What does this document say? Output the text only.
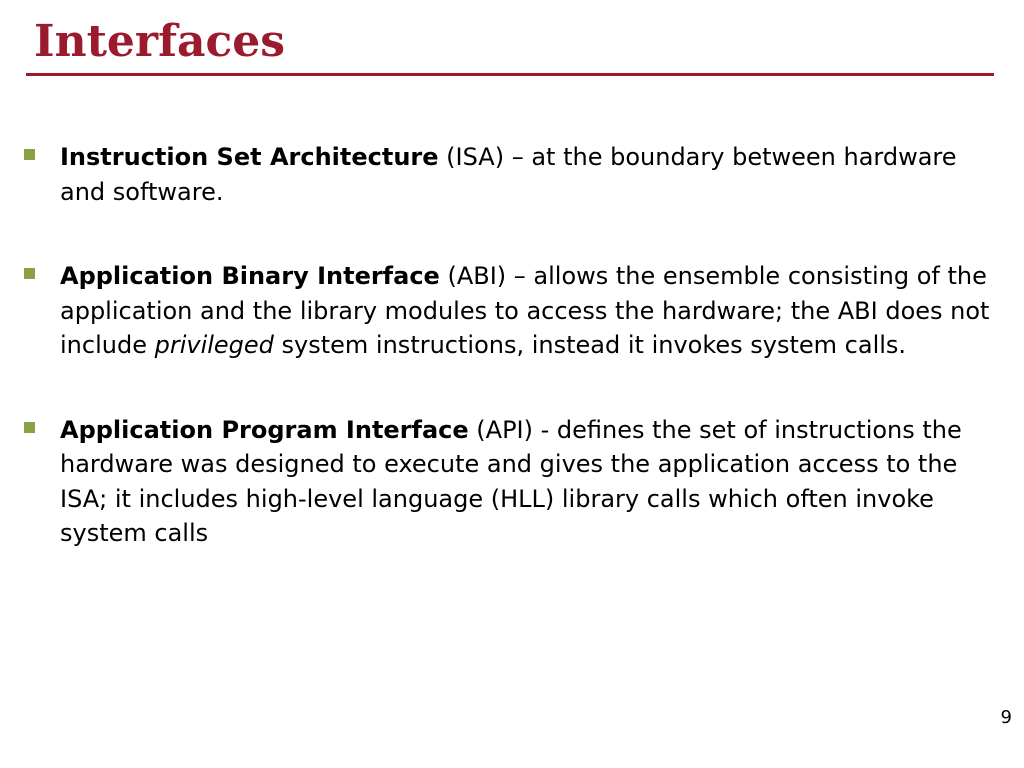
Interfaces
Instruction Set Architecture (ISA) – at the boundary between hardware and software.
Application Binary Interface (ABI) – allows the ensemble consisting of the application and the library modules to access the hardware; the ABI does not include privileged system instructions, instead it invokes system calls.
Application Program Interface (API) - defines the set of instructions the hardware was designed to execute and gives the application access to the ISA; it includes high-level language (HLL) library calls which often invoke system calls
9
